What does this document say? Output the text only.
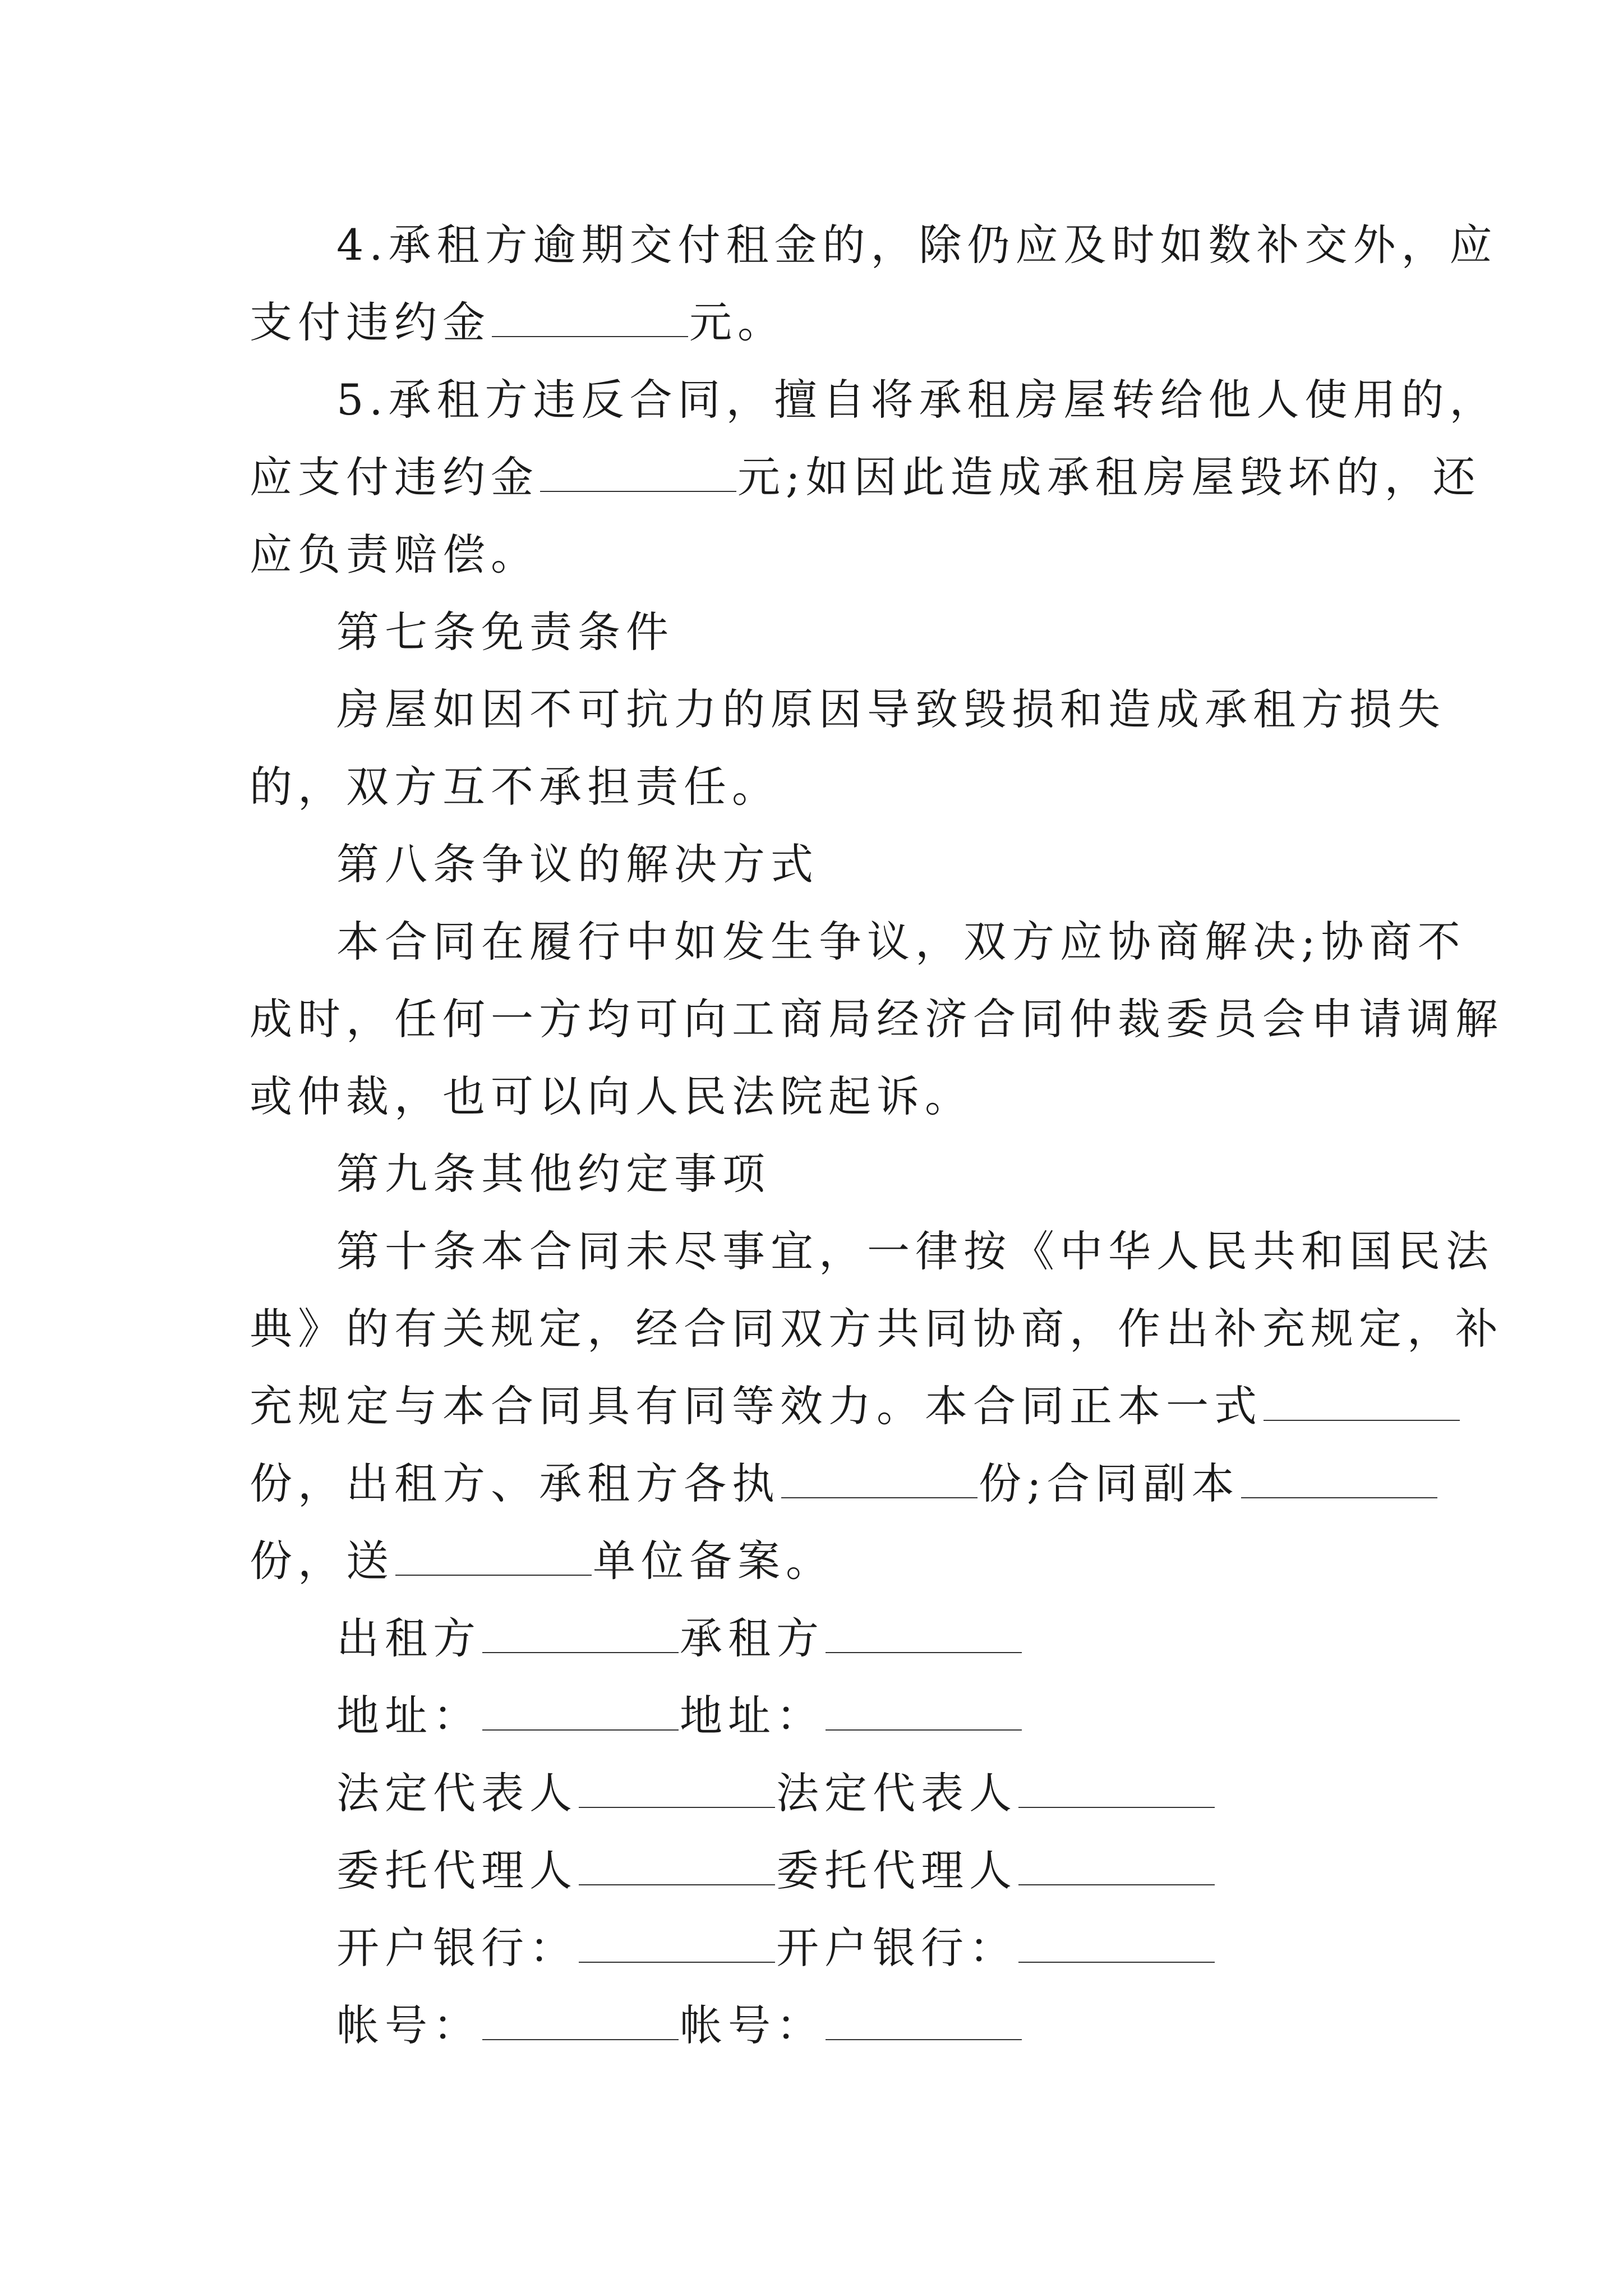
4.承租方逾期交付租金的，除仍应及时如数补交外，应
支付违约金	元。
5.承租方违反合同，擅自将承租房屋转给他人使用的，
应支付违约金	元;如因此造成承租房屋毁坏的，还
应负责赔偿。
第七条免责条件
房屋如因不可抗力的原因导致毁损和造成承租方损失
的，双方互不承担责任。
第八条争议的解决方式
本合同在履行中如发生争议，双方应协商解决;协商不
成时，任何一方均可向工商局经济合同仲裁委员会申请调解
或仲裁，也可以向人民法院起诉。
第九条其他约定事项
第十条本合同未尽事宜，一律按《中华人民共和国民法
典》的有关规定，经合同双方共同协商，作出补充规定，补
充规定与本合同具有同等效力。本合同正本一式
份，出租方、承租方各执	份;合同副本
份，送	单位备案。
出租方	承租方
地址：	地址：
法定代表人	法定代表人
委托代理人	委托代理人
开户银行：	开户银行：
帐号：	帐号：
